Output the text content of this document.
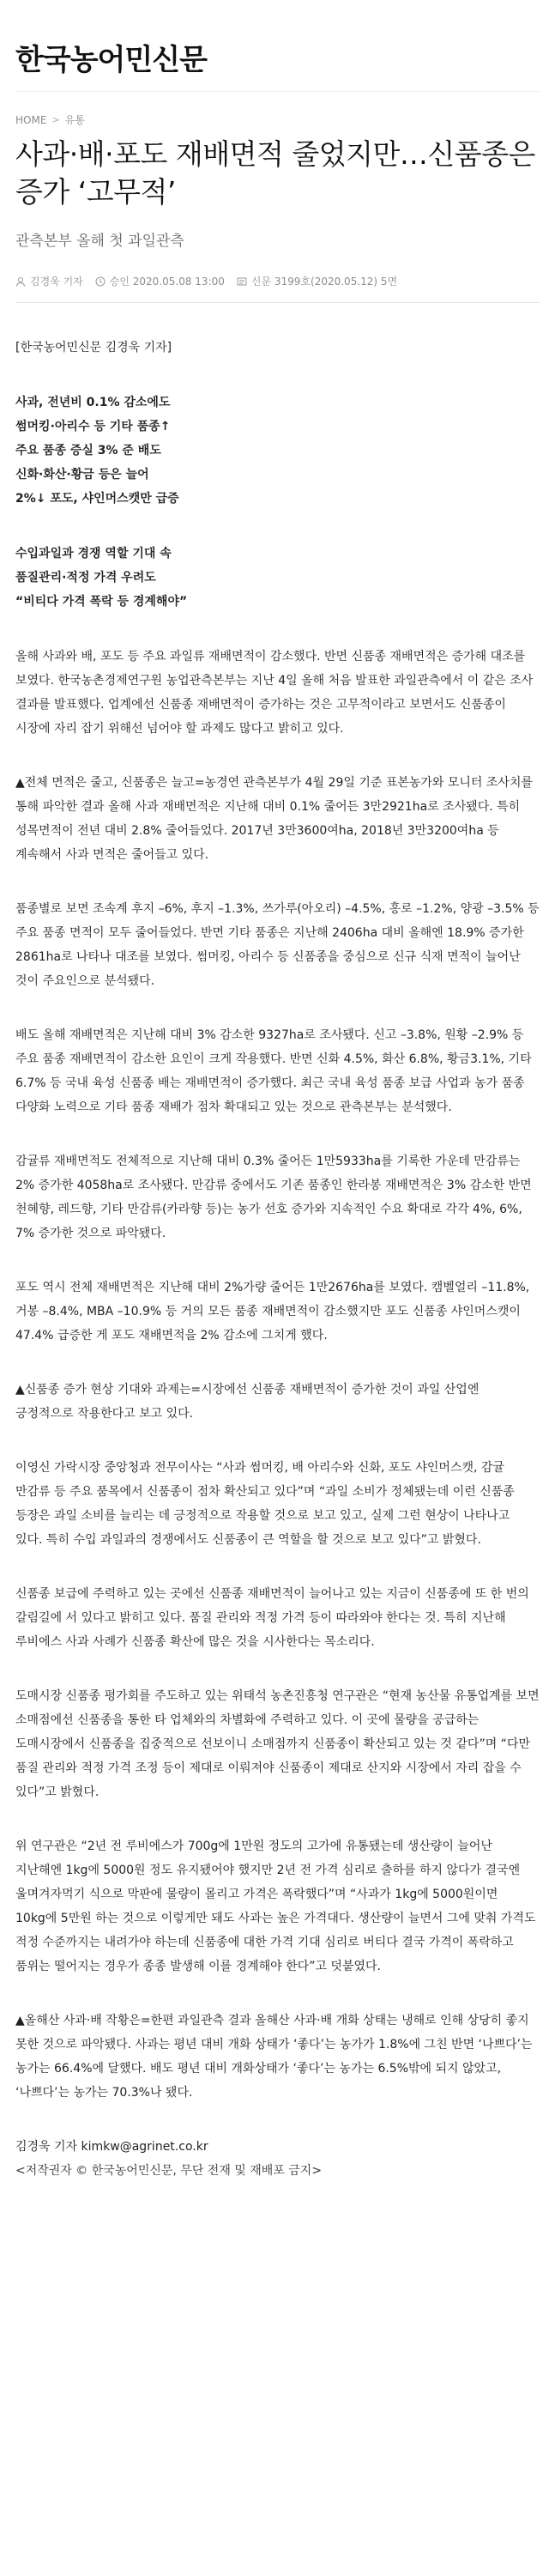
한국농어민신문
HOME > 유통
사과·배·포도 재배면적 줄었지만…신품종은 증가 ‘고무적’
관측본부 올해 첫 과일관측
김경욱 기자	승인 2020.05.08 13:00	신문 3199호(2020.05.12) 5면

[한국농어민신문 김경욱 기자]

사과, 전년비 0.1% 감소에도

썸머킹·아리수 등 기타 품종↑

주요 품종 증실 3% 준 배도

신화·화산·황금 등은 늘어

2%↓ 포도, 샤인머스캣만 급증

수입과일과 경쟁 역할 기대 속

품질관리·적정 가격 우려도

“비티다 가격 폭락 등 경계해야”

올해 사과와 배, 포도 등 주요 과일류 재배면적이 감소했다. 반면 신품종 재배면적은 증가해 대조를 보였다. 한국농촌경제연구원 농업관측본부는 지난 4일 올해 처음 발표한 과일관측에서 이 같은 조사 결과를 발표했다. 업계에선 신품종 재배면적이 증가하는 것은 고무적이라고 보면서도 신품종이 시장에 자리 잡기 위해선 넘어야 할 과제도 많다고 밝히고 있다.

▲전체 면적은 줄고, 신품종은 늘고=농경연 관측본부가 4월 29일 기준 표본농가와 모니터 조사치를 통해 파악한 결과 올해 사과 재배면적은 지난해 대비 0.1% 줄어든 3만2921ha로 조사됐다. 특히 성목면적이 전년 대비 2.8% 줄어들었다. 2017년 3만3600여ha, 2018년 3만3200여ha 등 계속해서 사과 면적은 줄어들고 있다.

품종별로 보면 조속계 후지 –6%, 후지 –1.3%, 쓰가루(아오리) –4.5%, 홍로 –1.2%, 양광 –3.5% 등 주요 품종 면적이 모두 줄어들었다. 반면 기타 품종은 지난해 2406ha 대비 올해엔 18.9% 증가한 2861ha로 나타나 대조를 보였다. 썸머킹, 아리수 등 신품종을 중심으로 신규 식재 면적이 늘어난 것이 주요인으로 분석됐다.

배도 올해 재배면적은 지난해 대비 3% 감소한 9327ha로 조사됐다. 신고 –3.8%, 원황 –2.9% 등 주요 품종 재배면적이 감소한 요인이 크게 작용했다. 반면 신화 4.5%, 화산 6.8%, 황금3.1%, 기타 6.7% 등 국내 육성 신품종 배는 재배면적이 증가했다. 최근 국내 육성 품종 보급 사업과 농가 품종 다양화 노력으로 기타 품종 재배가 점차 확대되고 있는 것으로 관측본부는 분석했다.

감귤류 재배면적도 전체적으로 지난해 대비 0.3% 줄어든 1만5933ha를 기록한 가운데 만감류는 2% 증가한 4058ha로 조사됐다. 만감류 중에서도 기존 품종인 한라봉 재배면적은 3% 감소한 반면 천혜향, 레드향, 기타 만감류(카라향 등)는 농가 선호 증가와 지속적인 수요 확대로 각각 4%, 6%, 7% 증가한 것으로 파악됐다.

포도 역시 전체 재배면적은 지난해 대비 2%가량 줄어든 1만2676ha를 보였다. 캠벨얼리 –11.8%, 거봉 –8.4%, MBA –10.9% 등 거의 모든 품종 재배면적이 감소했지만 포도 신품종 샤인머스캣이 47.4% 급증한 게 포도 재배면적을 2% 감소에 그치게 했다.

▲신품종 증가 현상 기대와 과제는=시장에선 신품종 재배면적이 증가한 것이 과일 산업엔 긍정적으로 작용한다고 보고 있다.

이영신 가락시장 중앙청과 전무이사는 “사과 썸머킹, 배 아리수와 신화, 포도 샤인머스캣, 감귤 만감류 등 주요 품목에서 신품종이 점차 확산되고 있다”며 “과일 소비가 정체됐는데 이런 신품종 등장은 과일 소비를 늘리는 데 긍정적으로 작용할 것으로 보고 있고, 실제 그런 현상이 나타나고 있다. 특히 수입 과일과의 경쟁에서도 신품종이 큰 역할을 할 것으로 보고 있다”고 밝혔다.

신품종 보급에 주력하고 있는 곳에선 신품종 재배면적이 늘어나고 있는 지금이 신품종에 또 한 번의 갈림길에 서 있다고 밝히고 있다. 품질 관리와 적정 가격 등이 따라와야 한다는 것. 특히 지난해 루비에스 사과 사례가 신품종 확산에 많은 것을 시사한다는 목소리다.

도매시장 신품종 평가회를 주도하고 있는 위태석 농촌진흥청 연구관은 “현재 농산물 유통업계를 보면 소매점에선 신품종을 통한 타 업체와의 차별화에 주력하고 있다. 이 곳에 물량을 공급하는 도매시장에서 신품종을 집중적으로 선보이니 소매점까지 신품종이 확산되고 있는 것 같다”며 “다만 품질 관리와 적정 가격 조정 등이 제대로 이뤄져야 신품종이 제대로 산지와 시장에서 자리 잡을 수 있다”고 밝혔다.

위 연구관은 “2년 전 루비에스가 700g에 1만원 정도의 고가에 유통됐는데 생산량이 늘어난 지난해엔 1kg에 5000원 정도 유지됐어야 했지만 2년 전 가격 심리로 출하를 하지 않다가 결국엔 울며겨자먹기 식으로 막판에 물량이 몰리고 가격은 폭락했다”며 “사과가 1kg에 5000원이면 10kg에 5만원 하는 것으로 이렇게만 돼도 사과는 높은 가격대다. 생산량이 늘면서 그에 맞춰 가격도 적정 수준까지는 내려가야 하는데 신품종에 대한 가격 기대 심리로 버티다 결국 가격이 폭락하고 품위는 떨어지는 경우가 종종 발생해 이를 경계해야 한다”고 덧붙였다.

▲올해산 사과·배 작황은=한편 과일관측 결과 올해산 사과·배 개화 상태는 냉해로 인해 상당히 좋지 못한 것으로 파악됐다. 사과는 평년 대비 개화 상태가 ‘좋다’는 농가가 1.8%에 그친 반면 ‘나쁘다’는 농가는 66.4%에 달했다. 배도 평년 대비 개화상태가 ‘좋다’는 농가는 6.5%밖에 되지 않았고, ‘나쁘다’는 농가는 70.3%나 됐다.

김경욱 기자 kimkw@agrinet.co.kr

<저작권자 © 한국농어민신문, 무단 전재 및 재배포 금지>
